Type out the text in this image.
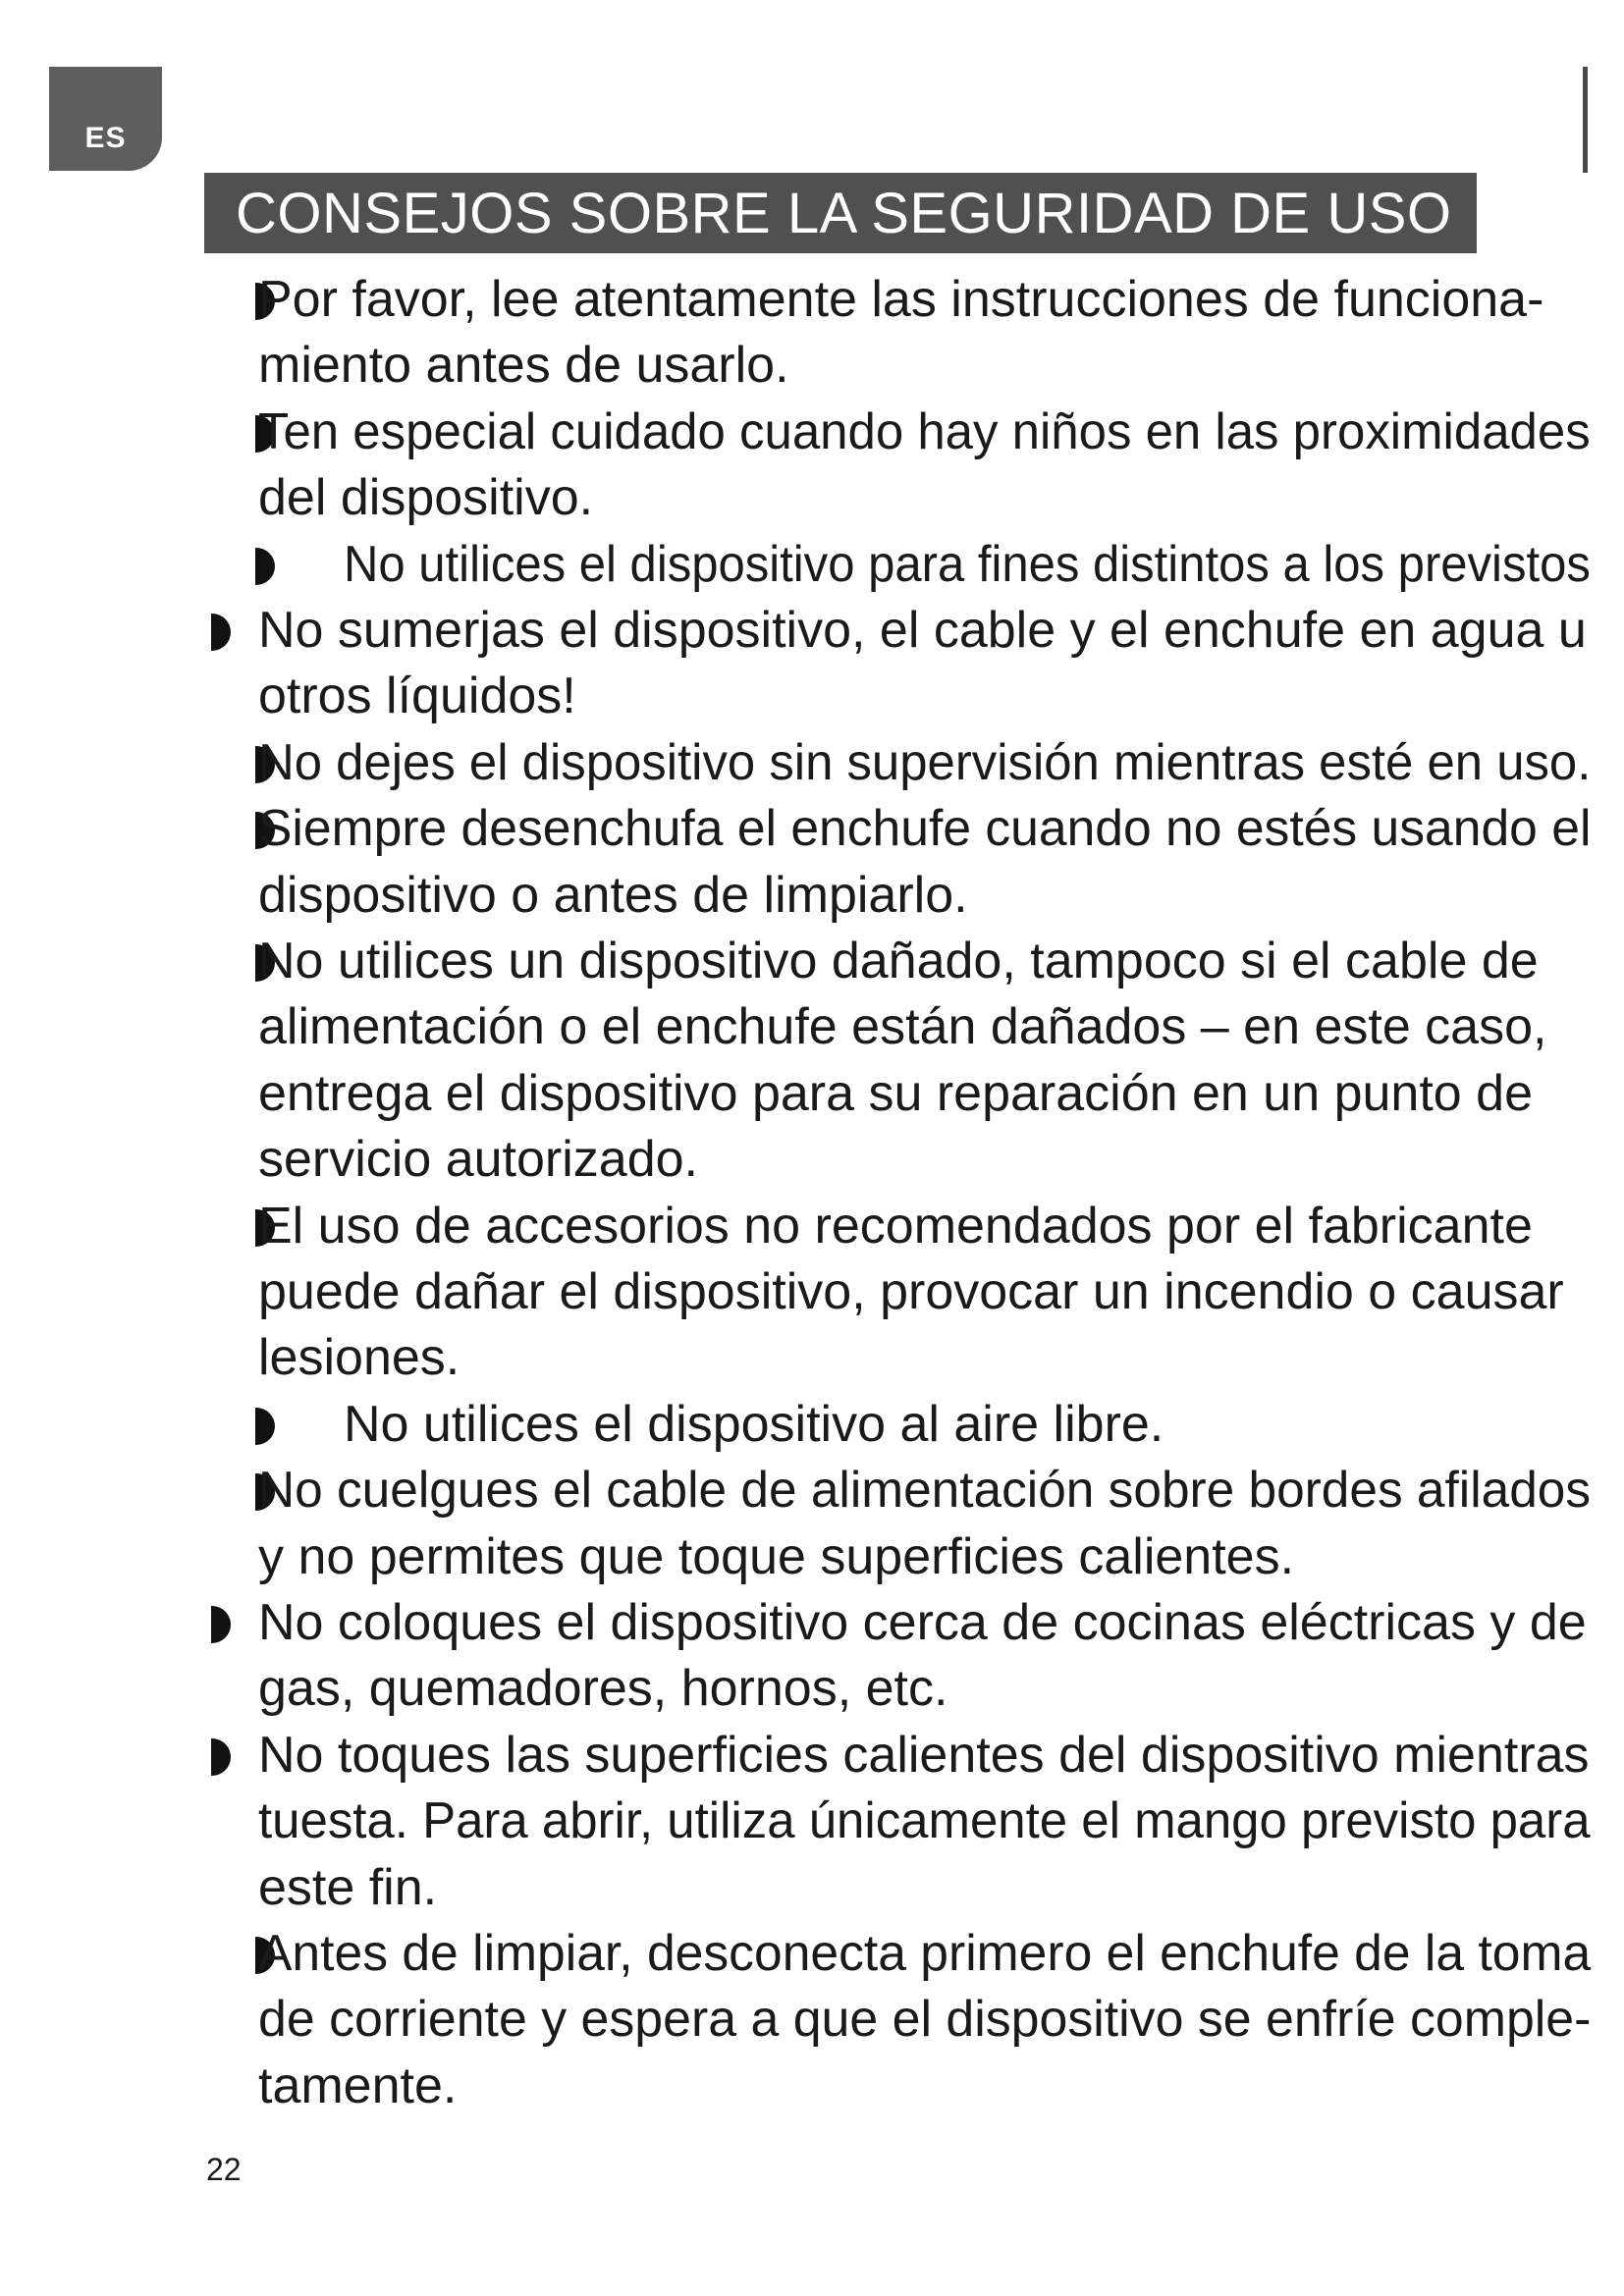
ES
CONSEJOS SOBRE LA SEGURIDAD DE USO
Por favor, lee atentamente las instrucciones de funciona-
miento antes de usarlo.
Ten especial cuidado cuando hay niños en las proximidades
del dispositivo.
No utilices el dispositivo para fines distintos a los previstos
No sumerjas el dispositivo, el cable y el enchufe en agua u
otros líquidos!
No dejes el dispositivo sin supervisión mientras esté en uso.
Siempre desenchufa el enchufe cuando no estés usando el
dispositivo o antes de limpiarlo.
No utilices un dispositivo dañado, tampoco si el cable de
alimentación o el enchufe están dañados – en este caso,
entrega el dispositivo para su reparación en un punto de
servicio autorizado.
El uso de accesorios no recomendados por el fabricante
puede dañar el dispositivo, provocar un incendio o causar
lesiones.
No utilices el dispositivo al aire libre.
No cuelgues el cable de alimentación sobre bordes afilados
y no permites que toque superficies calientes.
No coloques el dispositivo cerca de cocinas eléctricas y de
gas, quemadores, hornos, etc.
No toques las superficies calientes del dispositivo mientras
tuesta. Para abrir, utiliza únicamente el mango previsto para
este fin.
Antes de limpiar, desconecta primero el enchufe de la toma
de corriente y espera a que el dispositivo se enfríe comple-
tamente.
22
